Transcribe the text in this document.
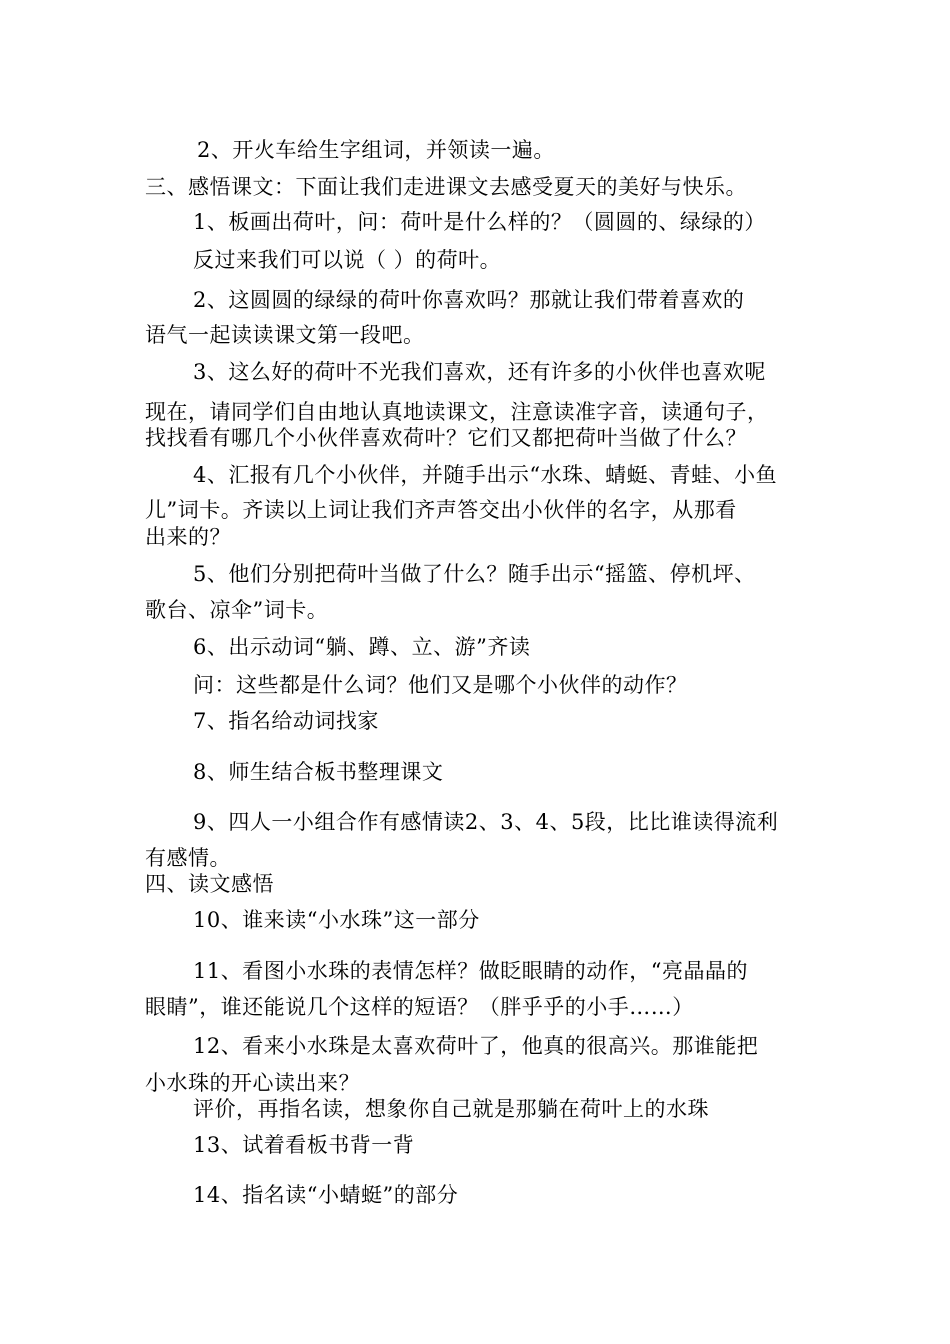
2、开火车给生字组词，并领读一遍。
三、感悟课文：下面让我们走进课文去感受夏天的美好与快乐。
1、板画出荷叶，问：荷叶是什么样的？（圆圆的、绿绿的）
反过来我们可以说（ ）的荷叶。
2、这圆圆的绿绿的荷叶你喜欢吗？那就让我们带着喜欢的
语气一起读读课文第一段吧。
3、这么好的荷叶不光我们喜欢，还有许多的小伙伴也喜欢呢
现在，请同学们自由地认真地读课文，注意读准字音，读通句子，
找找看有哪几个小伙伴喜欢荷叶？它们又都把荷叶当做了什么？
4、汇报有几个小伙伴，并随手出示“水珠、蜻蜓、青蛙、小鱼
儿”词卡。齐读以上词让我们齐声答交出小伙伴的名字，从那看
出来的？
5、他们分别把荷叶当做了什么？随手出示“摇篮、停机坪、
歌台、凉伞”词卡。
6、出示动词“躺、蹲、立、游”齐读
问：这些都是什么词？他们又是哪个小伙伴的动作？
7、指名给动词找家
8、师生结合板书整理课文
9、四人一小组合作有感情读2、3、4、5段，比比谁读得流利
有感情。
四、读文感悟
10、谁来读“小水珠”这一部分
11、看图小水珠的表情怎样？做眨眼睛的动作，“亮晶晶的
眼睛”，谁还能说几个这样的短语？（胖乎乎的小手……）
12、看来小水珠是太喜欢荷叶了，他真的很高兴。那谁能把
小水珠的开心读出来？
评价，再指名读，想象你自己就是那躺在荷叶上的水珠
13、试着看板书背一背
14、指名读“小蜻蜓”的部分
